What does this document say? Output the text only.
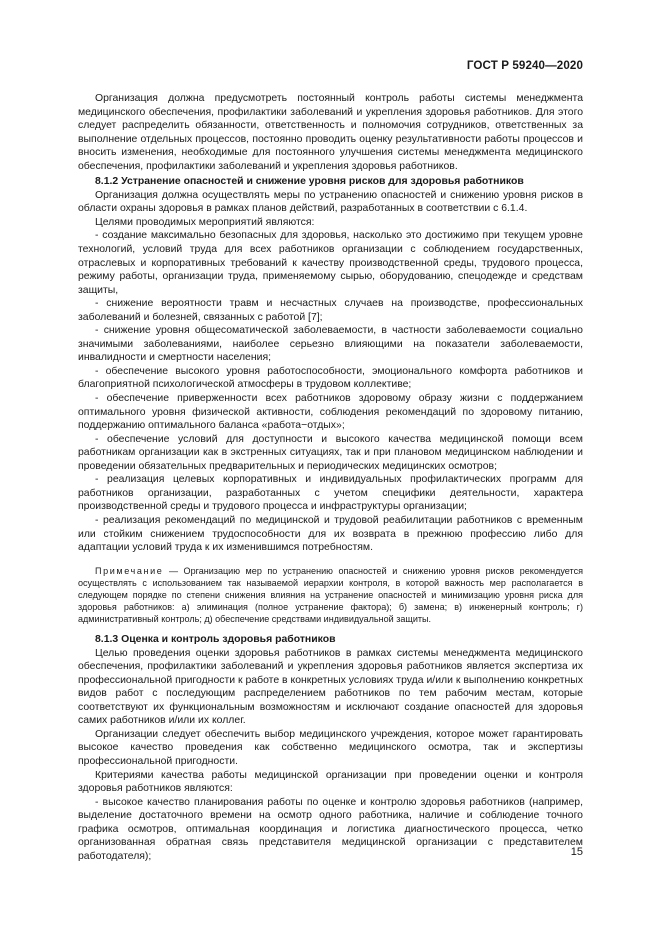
ГОСТ Р 59240—2020

Организация должна предусмотреть постоянный контроль работы системы менеджмента медицинского обеспечения, профилактики заболеваний и укрепления здоровья работников. Для этого следует распределить обязанности, ответственность и полномочия сотрудников, ответственных за выполнение отдельных процессов, постоянно проводить оценку результативности работы процессов и вносить изменения, необходимые для постоянного улучшения системы менеджмента медицинского обеспечения, профилактики заболеваний и укрепления здоровья работников.

8.1.2 Устранение опасностей и снижение уровня рисков для здоровья работников

Организация должна осуществлять меры по устранению опасностей и снижению уровня рисков в области охраны здоровья в рамках планов действий, разработанных в соответствии с 6.1.4.

Целями проводимых мероприятий являются:

- создание максимально безопасных для здоровья, насколько это достижимо при текущем уровне технологий, условий труда для всех работников организации с соблюдением государственных, отраслевых и корпоративных требований к качеству производственной среды, трудового процесса, режиму работы, организации труда, применяемому сырью, оборудованию, спецодежде и средствам защиты,

- снижение вероятности травм и несчастных случаев на производстве, профессиональных заболеваний и болезней, связанных с работой [7];

- снижение уровня общесоматической заболеваемости, в частности заболеваемости социально значимыми заболеваниями, наиболее серьезно влияющими на показатели заболеваемости, инвалидности и смертности населения;

- обеспечение высокого уровня работоспособности, эмоционального комфорта работников и благоприятной психологической атмосферы в трудовом коллективе;

- обеспечение приверженности всех работников здоровому образу жизни с поддержанием оптимального уровня физической активности, соблюдения рекомендаций по здоровому питанию, поддержанию оптимального баланса «работа−отдых»;

- обеспечение условий для доступности и высокого качества медицинской помощи всем работникам организации как в экстренных ситуациях, так и при плановом медицинском наблюдении и проведении обязательных предварительных и периодических медицинских осмотров;

- реализация целевых корпоративных и индивидуальных профилактических программ для работников организации, разработанных с учетом специфики деятельности, характера производственной среды и трудового процесса и инфраструктуры организации;

- реализация рекомендаций по медицинской и трудовой реабилитации работников с временным или стойким снижением трудоспособности для их возврата в прежнюю профессию либо для адаптации условий труда к их изменившимся потребностям.

Примечание — Организацию мер по устранению опасностей и снижению уровня рисков рекомендуется осуществлять с использованием так называемой иерархии контроля, в которой важность мер располагается в следующем порядке по степени снижения влияния на устранение опасностей и минимизацию уровня риска для здоровья работников: а) элиминация (полное устранение фактора); б) замена; в) инженерный контроль; г) административный контроль; д) обеспечение средствами индивидуальной защиты.

8.1.3 Оценка и контроль здоровья работников

Целью проведения оценки здоровья работников в рамках системы менеджмента медицинского обеспечения, профилактики заболеваний и укрепления здоровья работников является экспертиза их профессиональной пригодности к работе в конкретных условиях труда и/или к выполнению конкретных видов работ с последующим распределением работников по тем рабочим местам, которые соответствуют их функциональным возможностям и исключают создание опасностей для здоровья самих работников и/или их коллег.

Организации следует обеспечить выбор медицинского учреждения, которое может гарантировать высокое качество проведения как собственно медицинского осмотра, так и экспертизы профессиональной пригодности.

Критериями качества работы медицинской организации при проведении оценки и контроля здоровья работников являются:

- высокое качество планирования работы по оценке и контролю здоровья работников (например, выделение достаточного времени на осмотр одного работника, наличие и соблюдение точного графика осмотров, оптимальная координация и логистика диагностического процесса, четко организованная обратная связь представителя медицинской организации с представителем работодателя);	15
